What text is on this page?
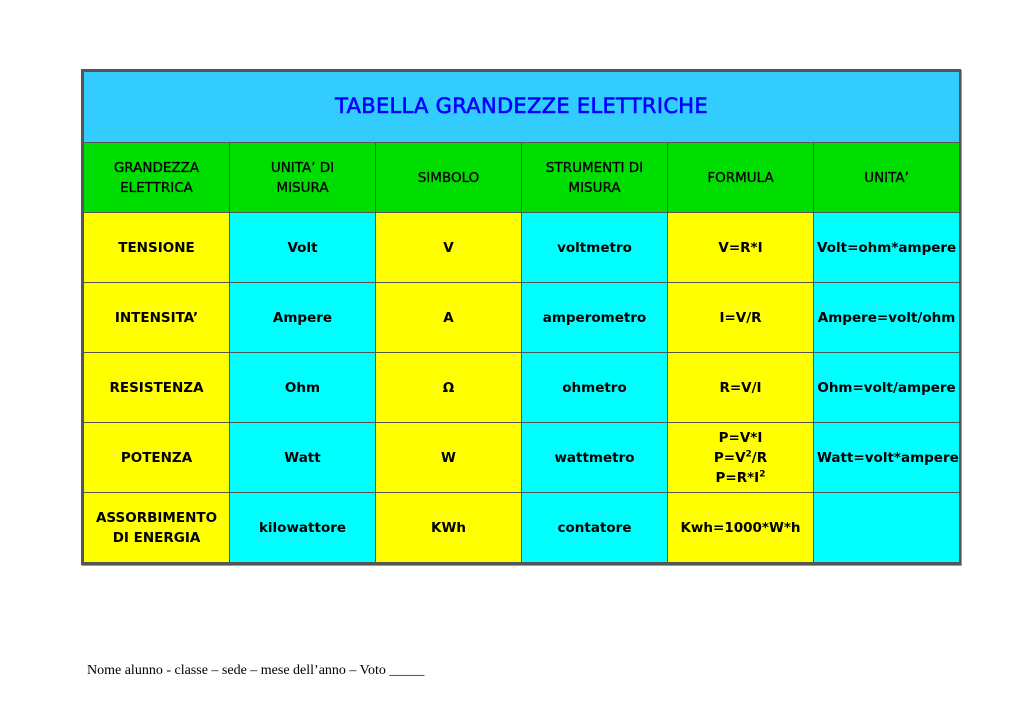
TABELLA GRANDEZZE ELETTRICHE					

GRANDEZZA
ELETTRICA	UNITA’ DI
MISURA	SIMBOLO	STRUMENTI DI
MISURA	FORMULA	UNITA’

TENSIONE	Volt	V	voltmetro	V=R*I	Volt=ohm*ampere

INTENSITA’	Ampere	A	amperometro	I=V/R	Ampere=volt/ohm

RESISTENZA	Ohm	Ω	ohmetro	R=V/I	Ohm=volt/ampere

POTENZA	Watt	W	wattmetro	P=V*I
$P=V^2/R$
$P=R*I^2$	Watt=volt*ampere

ASSORBIMENTO
DI ENERGIA	kilowattore	KWh	contatore	Kwh=1000*W*h	

Nome alunno - classe – sede – mese dell’anno – Voto _____
